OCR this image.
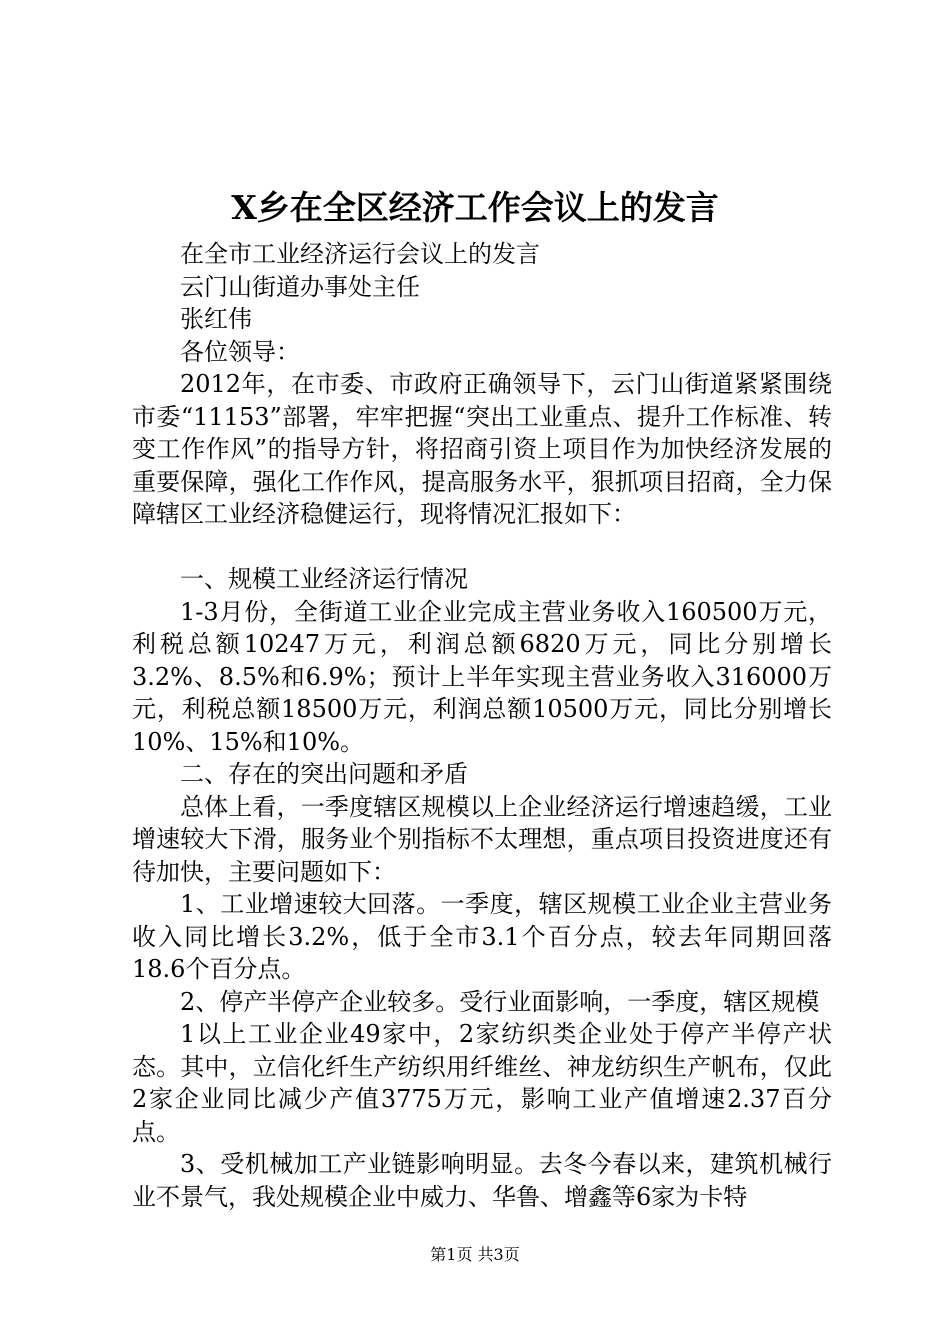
X乡在全区经济工作会议上的发言
在全市工业经济运行会议上的发言
云门山街道办事处主任
张红伟
各位领导：

2012年，在市委、市政府正确领导下，云门山街道紧紧围绕市委“11153”部署，牢牢把握“突出工业重点、提升工作标准、转变工作作风”的指导方针，将招商引资上项目作为加快经济发展的重要保障，强化工作作风，提高服务水平，狠抓项目招商，全力保障辖区工业经济稳健运行，现将情况汇报如下：

一、规模工业经济运行情况

1-3月份，全街道工业企业完成主营业务收入160500万元，利税总额10247万元，利润总额6820万元，同比分别增长3.2%、8.5%和6.9%；预计上半年实现主营业务收入316000万元，利税总额18500万元，利润总额10500万元，同比分别增长10%、15%和10%。

二、存在的突出问题和矛盾

总体上看，一季度辖区规模以上企业经济运行增速趋缓，工业增速较大下滑，服务业个别指标不太理想，重点项目投资进度还有待加快，主要问题如下：

1、工业增速较大回落。一季度，辖区规模工业企业主营业务收入同比增长3.2%，低于全市3.1个百分点，较去年同期回落18.6个百分点。

2、停产半停产企业较多。受行业面影响，一季度，辖区规模

1以上工业企业49家中，2家纺织类企业处于停产半停产状态。其中，立信化纤生产纺织用纤维丝、神龙纺织生产帆布，仅此2家企业同比减少产值3775万元，影响工业产值增速2.37百分点。

3、受机械加工产业链影响明显。去冬今春以来，建筑机械行业不景气，我处规模企业中威力、华鲁、增鑫等6家为卡特

第1页 共3页
